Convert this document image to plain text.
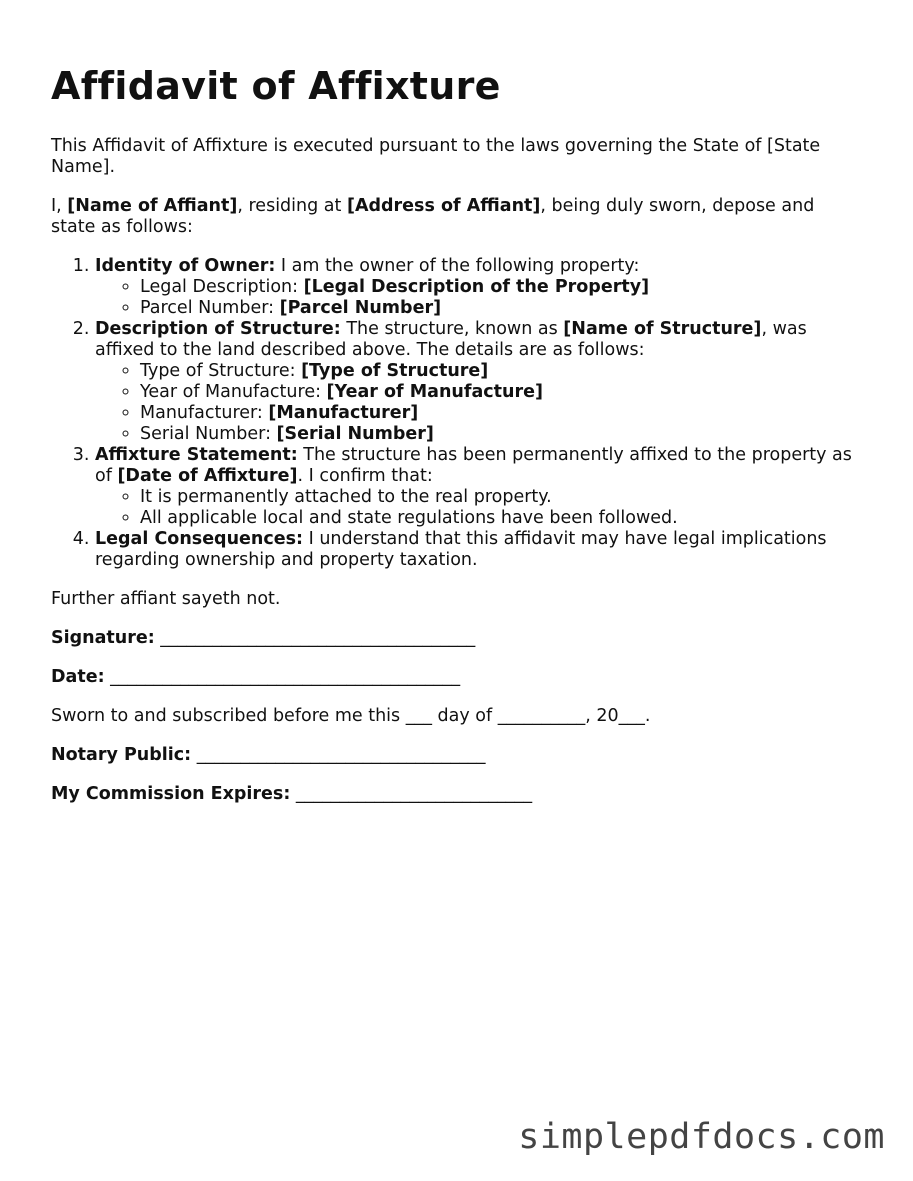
Affidavit of Affixture

This Affidavit of Affixture is executed pursuant to the laws governing the State of [State Name].

I, [Name of Affiant], residing at [Address of Affiant], being duly sworn, depose and state as follows:

1. Identity of Owner: I am the owner of the following property:
◦ Legal Description: [Legal Description of the Property]
◦ Parcel Number: [Parcel Number]
2. Description of Structure: The structure, known as [Name of Structure], was affixed to the land described above. The details are as follows:
◦ Type of Structure: [Type of Structure]
◦ Year of Manufacture: [Year of Manufacture]
◦ Manufacturer: [Manufacturer]
◦ Serial Number: [Serial Number]
3. Affixture Statement: The structure has been permanently affixed to the property as of [Date of Affixture]. I confirm that:
◦ It is permanently attached to the real property.
◦ All applicable local and state regulations have been followed.
4. Legal Consequences: I understand that this affidavit may have legal implications regarding ownership and property taxation.

Further affiant sayeth not.

Signature: ____________________________________

Date: ________________________________________

Sworn to and subscribed before me this ___ day of __________, 20___.

Notary Public: _________________________________

My Commission Expires: ___________________________

simplepdfdocs.com
